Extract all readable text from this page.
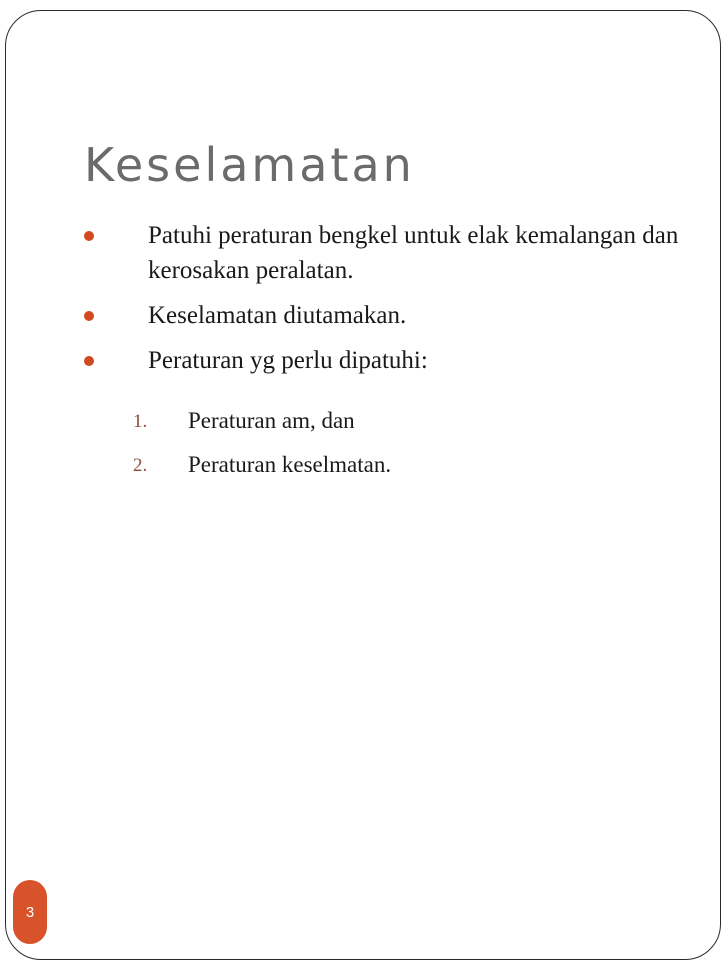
Keselamatan
Patuhi peraturan bengkel untuk elak kemalangan dan kerosakan peralatan.
Keselamatan diutamakan.
Peraturan yg perlu dipatuhi:
1. Peraturan am, dan
2. Peraturan keselmatan.
3
